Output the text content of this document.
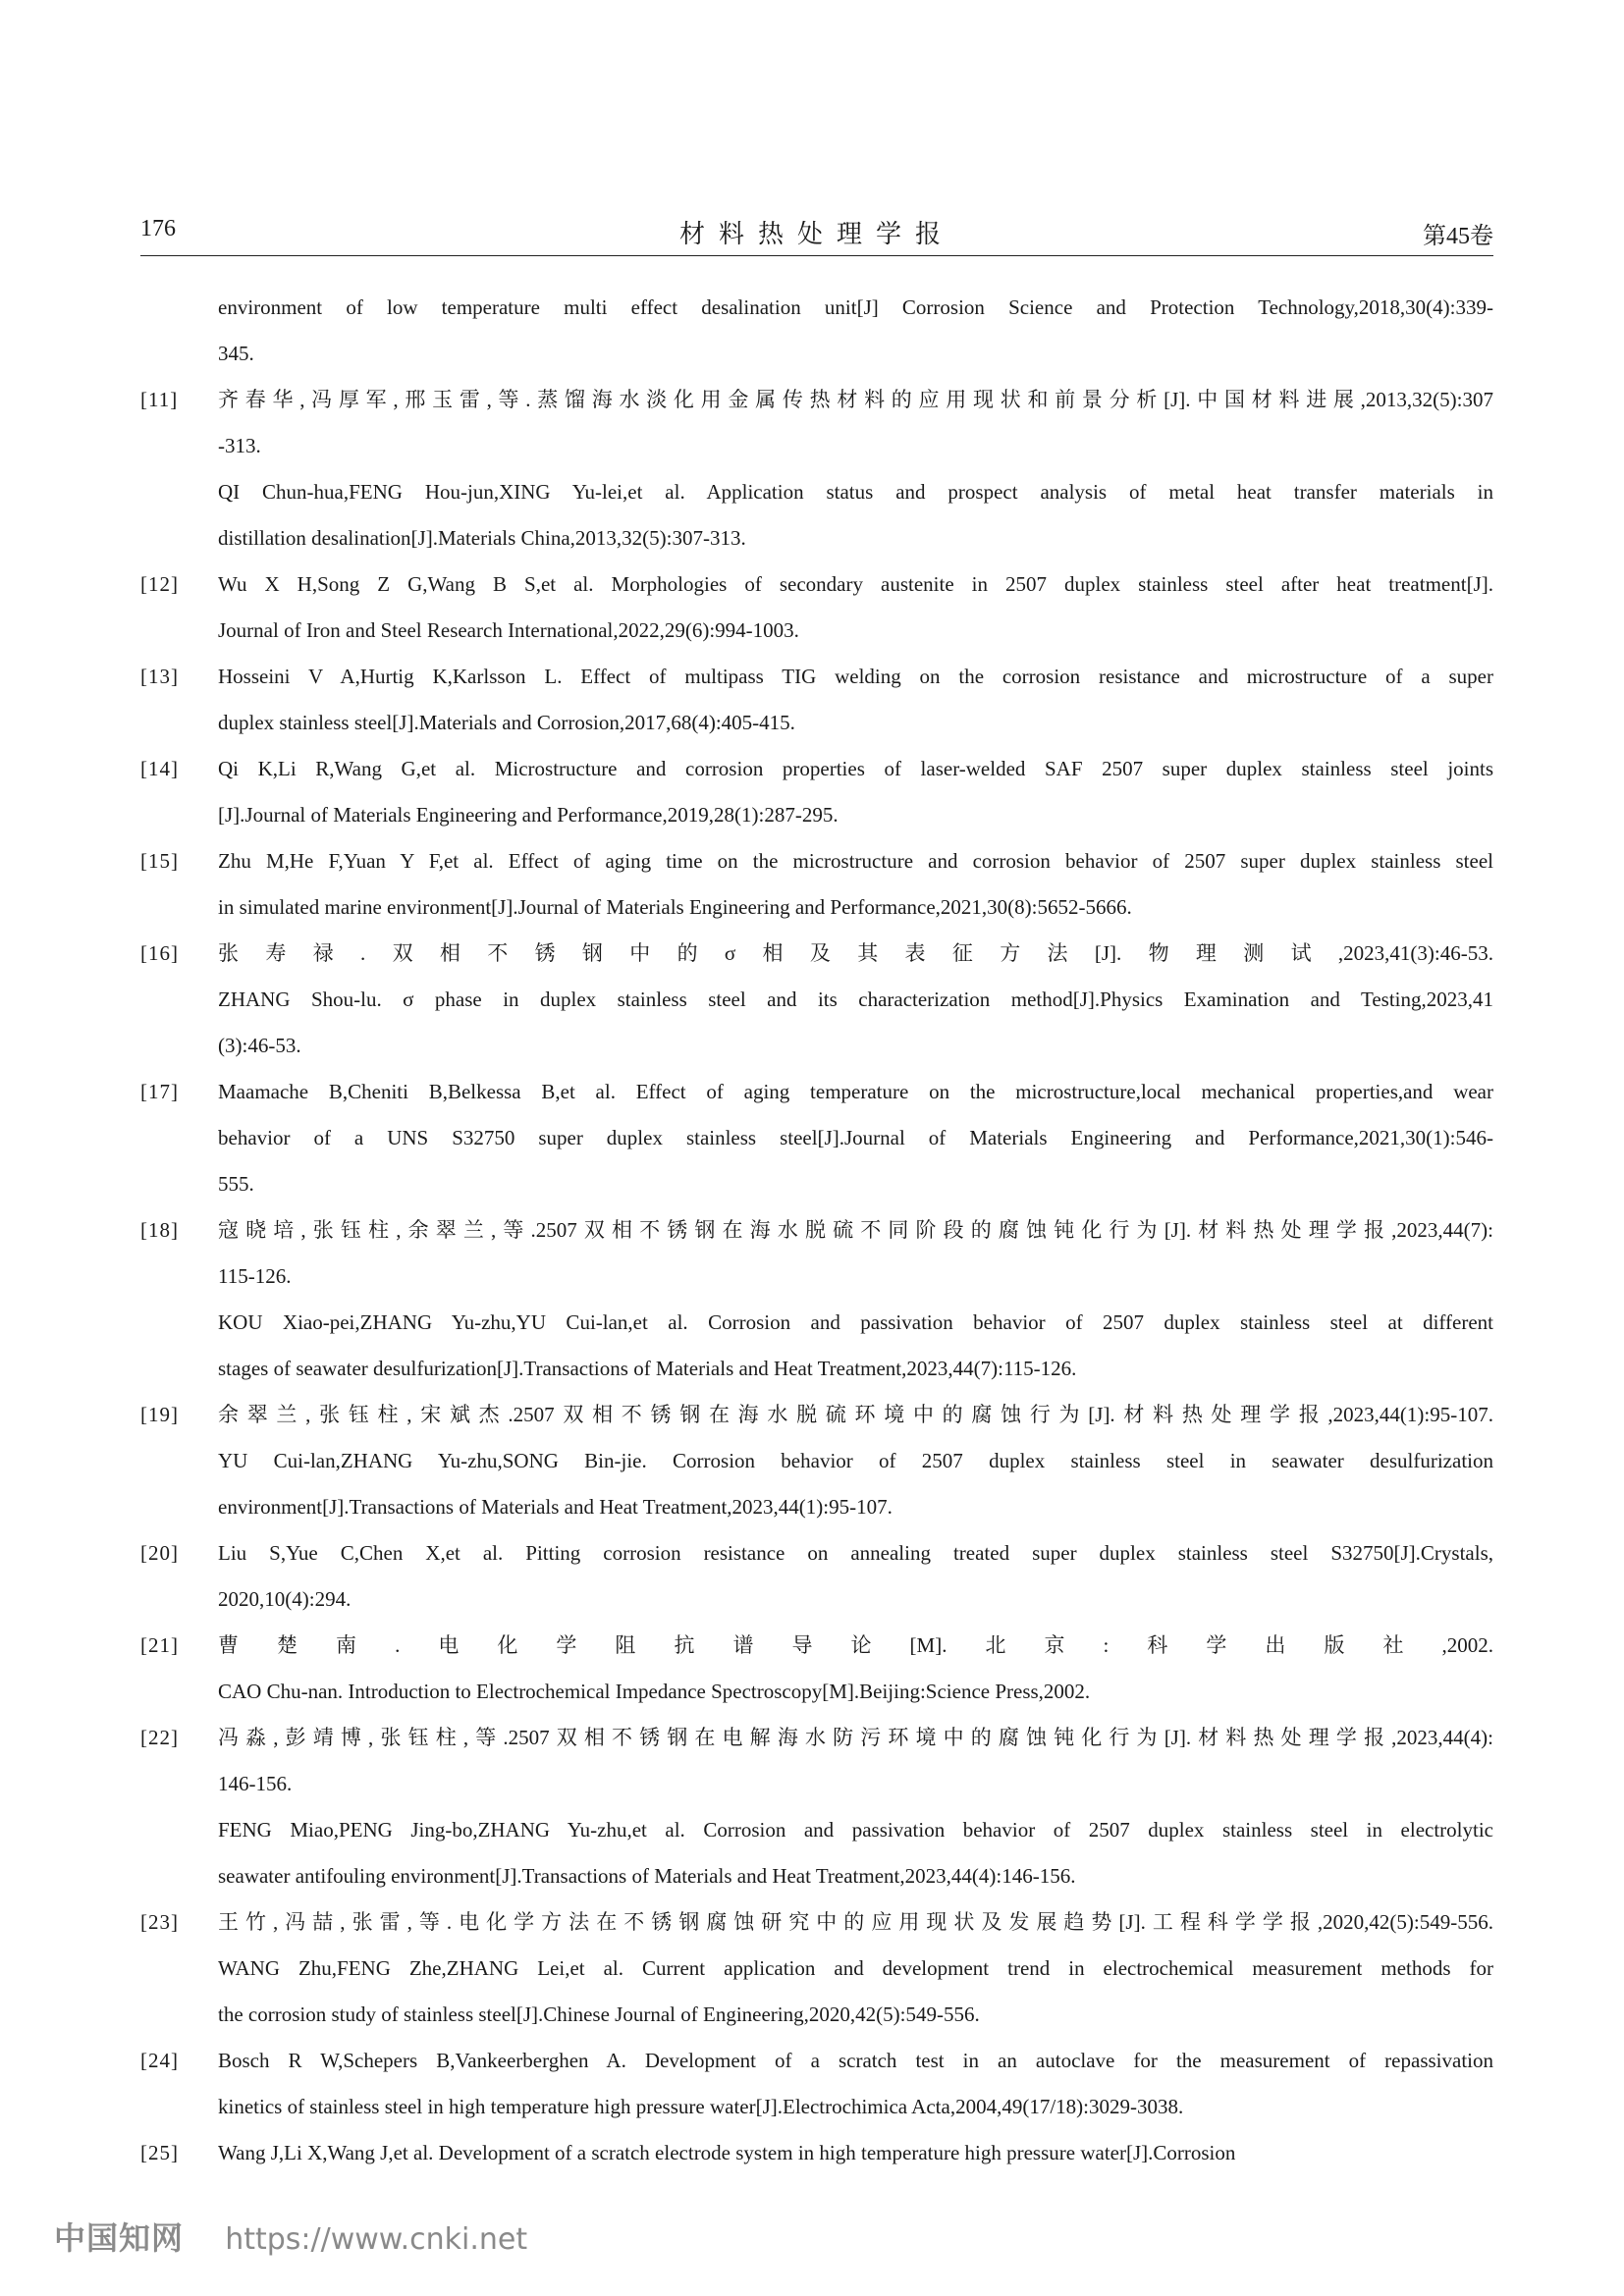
176	材料热处理学报	第45卷
environment of low temperature multi effect desalination unit[J] Corrosion Science and Protection Technology,2018,30(4):339-
345.
[11] 齐春华,冯厚军,邢玉雷,等.蒸馏海水淡化用金属传热材料的应用现状和前景分析[J].中国材料进展,2013,32(5):307
-313.
QI Chun-hua,FENG Hou-jun,XING Yu-lei,et al. Application status and prospect analysis of metal heat transfer materials in
distillation desalination[J].Materials China,2013,32(5):307-313.
[12] Wu X H,Song Z G,Wang B S,et al. Morphologies of secondary austenite in 2507 duplex stainless steel after heat treatment[J].
Journal of Iron and Steel Research International,2022,29(6):994-1003.
[13] Hosseini V A,Hurtig K,Karlsson L. Effect of multipass TIG welding on the corrosion resistance and microstructure of a super
duplex stainless steel[J].Materials and Corrosion,2017,68(4):405-415.
[14] Qi K,Li R,Wang G,et al. Microstructure and corrosion properties of laser-welded SAF 2507 super duplex stainless steel joints
[J].Journal of Materials Engineering and Performance,2019,28(1):287-295.
[15] Zhu M,He F,Yuan Y F,et al. Effect of aging time on the microstructure and corrosion behavior of 2507 super duplex stainless steel
in simulated marine environment[J].Journal of Materials Engineering and Performance,2021,30(8):5652-5666.
[16] 张寿禄.双相不锈钢中的σ相及其表征方法[J].物理测试,2023,41(3):46-53.
ZHANG Shou-lu. σ phase in duplex stainless steel and its characterization method[J].Physics Examination and Testing,2023,41
(3):46-53.
[17] Maamache B,Cheniti B,Belkessa B,et al. Effect of aging temperature on the microstructure,local mechanical properties,and wear
behavior of a UNS S32750 super duplex stainless steel[J].Journal of Materials Engineering and Performance,2021,30(1):546-
555.
[18] 寇晓培,张钰柱,余翠兰,等.2507双相不锈钢在海水脱硫不同阶段的腐蚀钝化行为[J].材料热处理学报,2023,44(7):
115-126.
KOU Xiao-pei,ZHANG Yu-zhu,YU Cui-lan,et al. Corrosion and passivation behavior of 2507 duplex stainless steel at different
stages of seawater desulfurization[J].Transactions of Materials and Heat Treatment,2023,44(7):115-126.
[19] 余翠兰,张钰柱,宋斌杰.2507双相不锈钢在海水脱硫环境中的腐蚀行为[J].材料热处理学报,2023,44(1):95-107.
YU Cui-lan,ZHANG Yu-zhu,SONG Bin-jie. Corrosion behavior of 2507 duplex stainless steel in seawater desulfurization
environment[J].Transactions of Materials and Heat Treatment,2023,44(1):95-107.
[20] Liu S,Yue C,Chen X,et al. Pitting corrosion resistance on annealing treated super duplex stainless steel S32750[J].Crystals,
2020,10(4):294.
[21] 曹楚南.电化学阻抗谱导论[M].北京:科学出版社,2002.
CAO Chu-nan. Introduction to Electrochemical Impedance Spectroscopy[M].Beijing:Science Press,2002.
[22] 冯淼,彭靖博,张钰柱,等.2507双相不锈钢在电解海水防污环境中的腐蚀钝化行为[J].材料热处理学报,2023,44(4):
146-156.
FENG Miao,PENG Jing-bo,ZHANG Yu-zhu,et al. Corrosion and passivation behavior of 2507 duplex stainless steel in electrolytic
seawater antifouling environment[J].Transactions of Materials and Heat Treatment,2023,44(4):146-156.
[23] 王竹,冯喆,张雷,等.电化学方法在不锈钢腐蚀研究中的应用现状及发展趋势[J].工程科学学报,2020,42(5):549-556.
WANG Zhu,FENG Zhe,ZHANG Lei,et al. Current application and development trend in electrochemical measurement methods for
the corrosion study of stainless steel[J].Chinese Journal of Engineering,2020,42(5):549-556.
[24] Bosch R W,Schepers B,Vankeerberghen A. Development of a scratch test in an autoclave for the measurement of repassivation
kinetics of stainless steel in high temperature high pressure water[J].Electrochimica Acta,2004,49(17/18):3029-3038.
[25] Wang J,Li X,Wang J,et al. Development of a scratch electrode system in high temperature high pressure water[J].Corrosion
中国知网 https://www.cnki.net
